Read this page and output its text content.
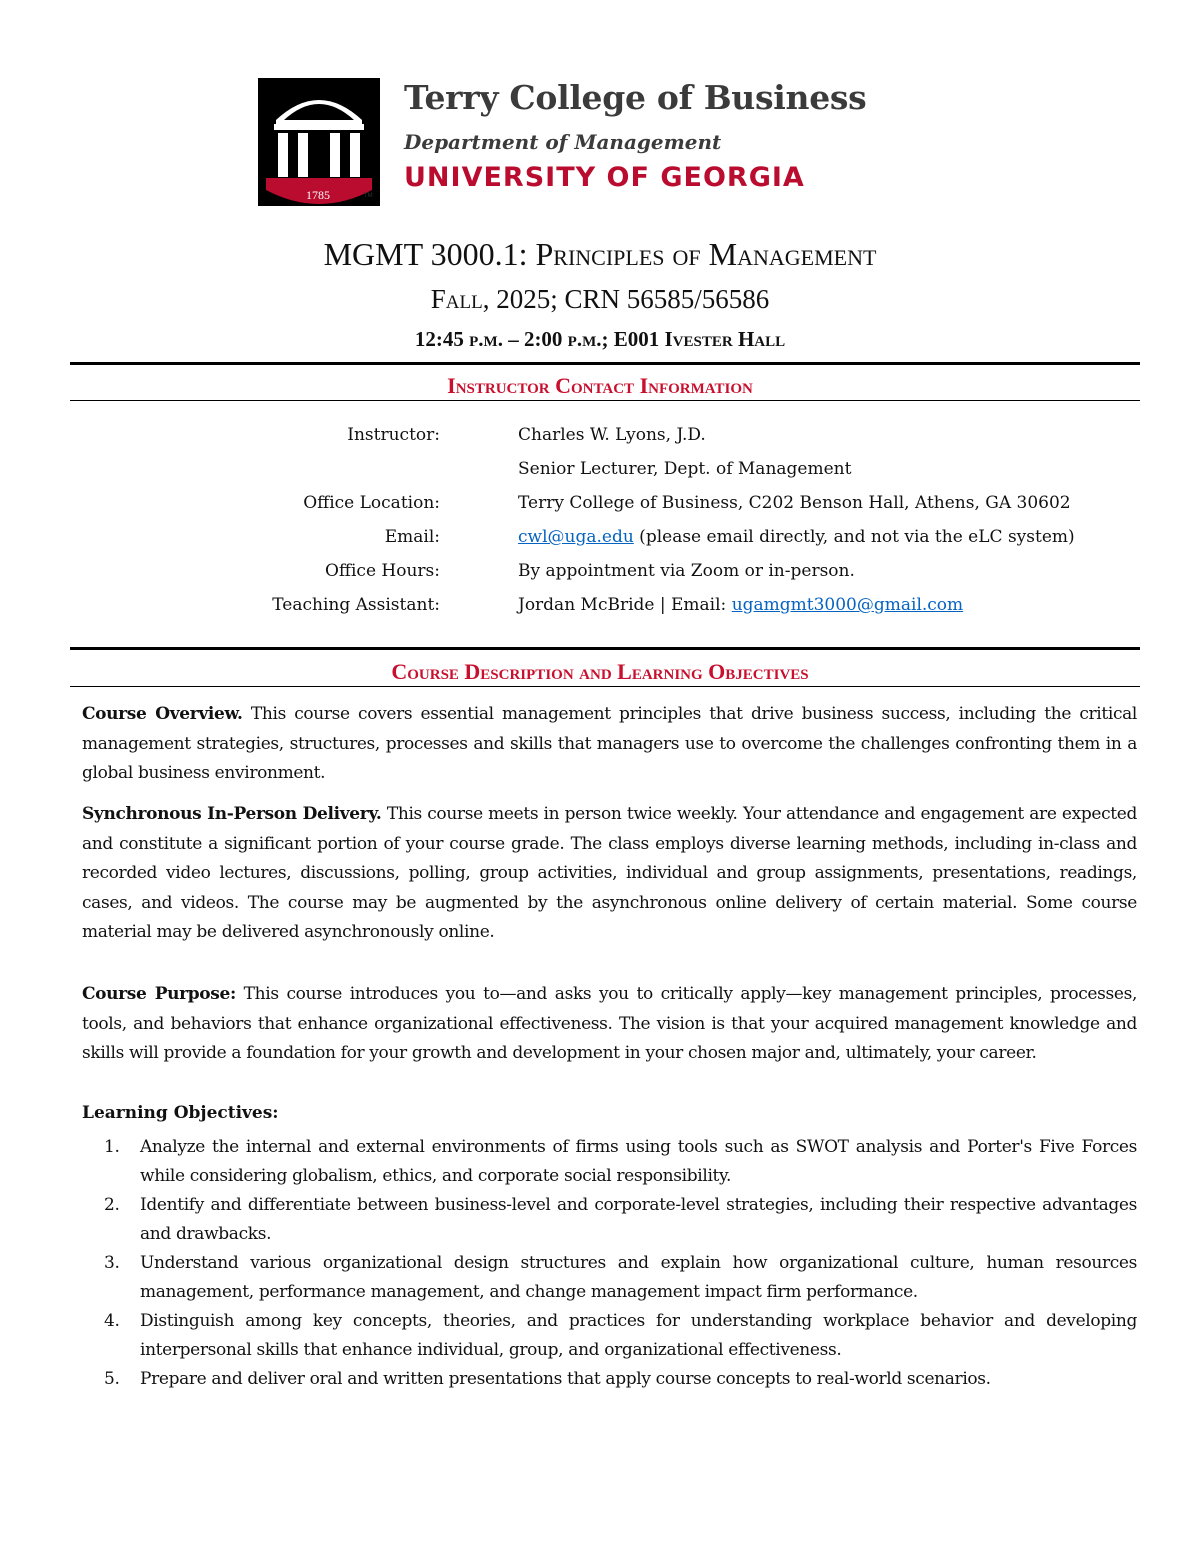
1785	TM
Terry College of Business
Department of Management
UNIVERSITY OF GEORGIA
MGMT 3000.1: Principles of Management
Fall, 2025; CRN 56585/56586
12:45 p.m. – 2:00 p.m.; E001 Ivester Hall
Instructor Contact Information
Instructor:	Charles W. Lyons, J.D.
Senior Lecturer, Dept. of Management
Office Location:	Terry College of Business, C202 Benson Hall, Athens, GA 30602
Email:	cwl@uga.edu (please email directly, and not via the eLC system)
Office Hours:	By appointment via Zoom or in-person.
Teaching Assistant:	Jordan McBride | Email: ugamgmt3000@gmail.com
Course Description and Learning Objectives

Course Overview. This course covers essential management principles that drive business success, including the critical management strategies, structures, processes and skills that managers use to overcome the challenges confronting them in a global business environment.

Synchronous In-Person Delivery. This course meets in person twice weekly. Your attendance and engagement are expected and constitute a significant portion of your course grade. The class employs diverse learning methods, including in-class and recorded video lectures, discussions, polling, group activities, individual and group assignments, presentations, readings, cases, and videos. The course may be augmented by the asynchronous online delivery of certain material. Some course material may be delivered asynchronously online.

Course Purpose: This course introduces you to—and asks you to critically apply—key management principles, processes, tools, and behaviors that enhance organizational effectiveness. The vision is that your acquired management knowledge and skills will provide a foundation for your growth and development in your chosen major and, ultimately, your career.

Learning Objectives:
1.	Analyze the internal and external environments of firms using tools such as SWOT analysis and Porter's Five Forces while considering globalism, ethics, and corporate social responsibility.
2.	Identify and differentiate between business-level and corporate-level strategies, including their respective advantages and drawbacks.
3.	Understand various organizational design structures and explain how organizational culture, human resources management, performance management, and change management impact firm performance.
4.	Distinguish among key concepts, theories, and practices for understanding workplace behavior and developing interpersonal skills that enhance individual, group, and organizational effectiveness.
5.	Prepare and deliver oral and written presentations that apply course concepts to real-world scenarios.
